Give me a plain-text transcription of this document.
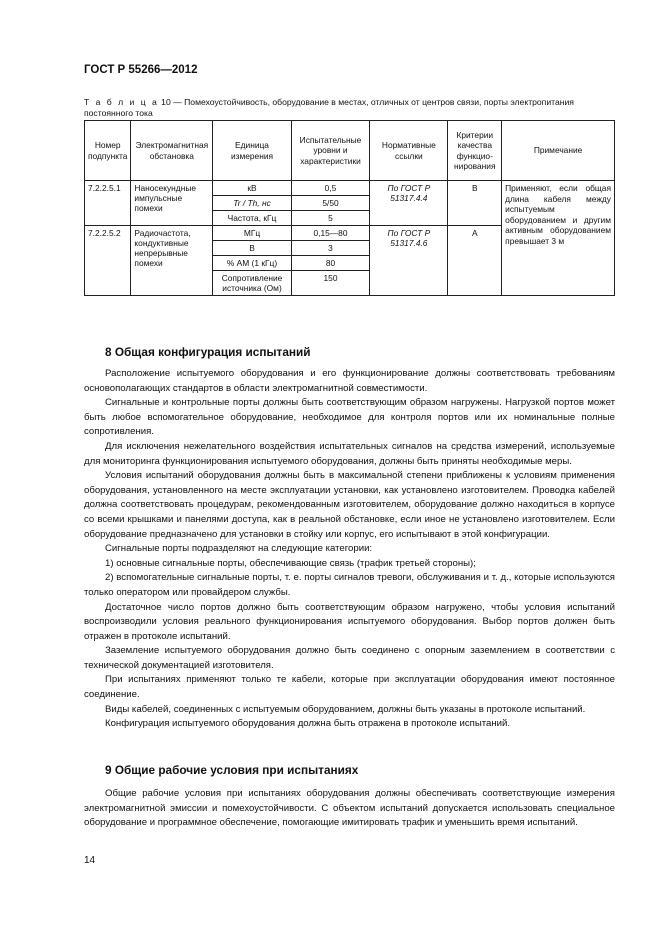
ГОСТ Р 55266—2012
Т а б л и ц а 10 — Помехоустойчивость, оборудование в местах, отличных от центров связи, порты электропитания постоянного тока
Номер подпункта	Электромагнитная обстановка	Единица измерения	Испытательные уровни и характеристики	Нормативные ссылки	Критерии качества функцио-нирования	Примечание
7.2.2.5.1	Наносекундные импульсные помехи	кВ	0,5	По ГОСТ Р 51317.4.4	B	Применяют, если общая длина кабеля между испытуемым оборудованием и другим активным оборудованием превышает 3 м
		Tr / Th, нс	5/50			
		Частота, кГц	5			
7.2.2.5.2	Радиочастота, кондуктивные непрерывные помехи	МГц	0,15—80	По ГОСТ Р 51317.4.6	A	
		В	3			
		% АМ (1 кГц)	80			
		Сопротивление источника (Ом)	150			
8 Общая конфигурация испытаний

Расположение испытуемого оборудования и его функционирование должны соответствовать требованиям основополагающих стандартов в области электромагнитной совместимости.

Сигнальные и контрольные порты должны быть соответствующим образом нагружены. Нагрузкой портов может быть любое вспомогательное оборудование, необходимое для контроля портов или их номинальные полные сопротивления.

Для исключения нежелательного воздействия испытательных сигналов на средства измерений, используемые для мониторинга функционирования испытуемого оборудования, должны быть приняты необходимые меры.

Условия испытаний оборудования должны быть в максимальной степени приближены к условиям применения оборудования, установленного на месте эксплуатации установки, как установлено изготовителем. Проводка кабелей должна соответствовать процедурам, рекомендованным изготовителем, оборудование должно находиться в корпусе со всеми крышками и панелями доступа, как в реальной обстановке, если иное не установлено изготовителем. Если оборудование предназначено для установки в стойку или корпус, его испытывают в этой конфигурации.

Сигнальные порты подразделяют на следующие категории:

1) основные сигнальные порты, обеспечивающие связь (трафик третьей стороны);

2) вспомогательные сигнальные порты, т. е. порты сигналов тревоги, обслуживания и т. д., которые используются только оператором или провайдером службы.

Достаточное число портов должно быть соответствующим образом нагружено, чтобы условия испытаний воспроизводили условия реального функционирования испытуемого оборудования. Выбор портов должен быть отражен в протоколе испытаний.

Заземление испытуемого оборудования должно быть соединено с опорным заземлением в соответствии с технической документацией изготовителя.

При испытаниях применяют только те кабели, которые при эксплуатации оборудования имеют постоянное соединение.

Виды кабелей, соединенных с испытуемым оборудованием, должны быть указаны в протоколе испытаний.

Конфигурация испытуемого оборудования должна быть отражена в протоколе испытаний.

9 Общие рабочие условия при испытаниях

Общие рабочие условия при испытаниях оборудования должны обеспечивать соответствующие измерения электромагнитной эмиссии и помехоустойчивости. С объектом испытаний допускается использовать специальное оборудование и программное обеспечение, помогающие имитировать трафик и уменьшить время испытаний.

14
